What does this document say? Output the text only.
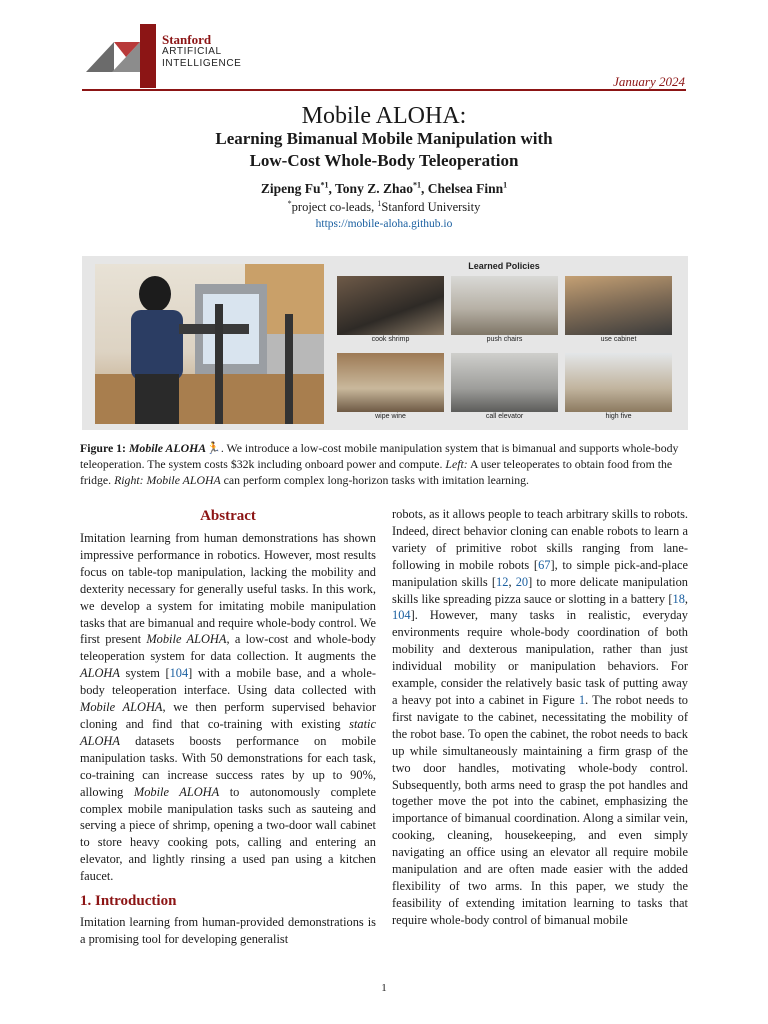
Stanford
ARTIFICIAL
INTELLIGENCE
January 2024
Mobile ALOHA:
Learning Bimanual Mobile Manipulation with
Low-Cost Whole-Body Teleoperation
Zipeng Fu$^{*1}$, Tony Z. Zhao$^{*1}$, Chelsea Finn$^1$
*project co-leads, $^1$Stanford University
https://mobile-aloha.github.io
Learned Policies
cook shrimp	push chairs	use cabinet
wipe wine	call elevator	high five
Figure 1: Mobile ALOHA🏃. We introduce a low-cost mobile manipulation system that is bimanual and supports whole-body teleoperation. The system costs $32k including onboard power and compute. Left: A user teleoperates to obtain food from the fridge. Right: Mobile ALOHA can perform complex long-horizon tasks with imitation learning.
Abstract
Imitation learning from human demonstrations has shown impressive performance in robotics. However, most results focus on table-top manipulation, lacking the mobility and dexterity necessary for generally useful tasks. In this work, we develop a system for imitating mobile manipulation tasks that are bimanual and require whole-body control. We first present Mobile ALOHA, a low-cost and whole-body teleoperation system for data collection. It augments the ALOHA system [104] with a mobile base, and a whole-body teleoperation interface. Using data collected with Mobile ALOHA, we then perform supervised behavior cloning and find that co-training with existing static ALOHA datasets boosts performance on mobile manipulation tasks. With 50 demonstrations for each task, co-training can increase success rates by up to 90%, allowing Mobile ALOHA to autonomously complete complex mobile manipulation tasks such as sauteing and serving a piece of shrimp, opening a two-door wall cabinet to store heavy cooking pots, calling and entering an elevator, and lightly rinsing a used pan using a kitchen faucet.
1. Introduction
Imitation learning from human-provided demonstrations is a promising tool for developing generalist
robots, as it allows people to teach arbitrary skills to robots. Indeed, direct behavior cloning can enable robots to learn a variety of primitive robot skills ranging from lane-following in mobile robots [67], to simple pick-and-place manipulation skills [12, 20] to more delicate manipulation skills like spreading pizza sauce or slotting in a battery [18, 104]. However, many tasks in realistic, everyday environments require whole-body coordination of both mobility and dexterous manipulation, rather than just individual mobility or manipulation behaviors. For example, consider the relatively basic task of putting away a heavy pot into a cabinet in Figure 1. The robot needs to first navigate to the cabinet, necessitating the mobility of the robot base. To open the cabinet, the robot needs to back up while simultaneously maintaining a firm grasp of the two door handles, motivating whole-body control. Subsequently, both arms need to grasp the pot handles and together move the pot into the cabinet, emphasizing the importance of bimanual coordination. Along a similar vein, cooking, cleaning, housekeeping, and even simply navigating an office using an elevator all require mobile manipulation and are often made easier with the added flexibility of two arms. In this paper, we study the feasibility of extending imitation learning to tasks that require whole-body control of bimanual mobile
1
